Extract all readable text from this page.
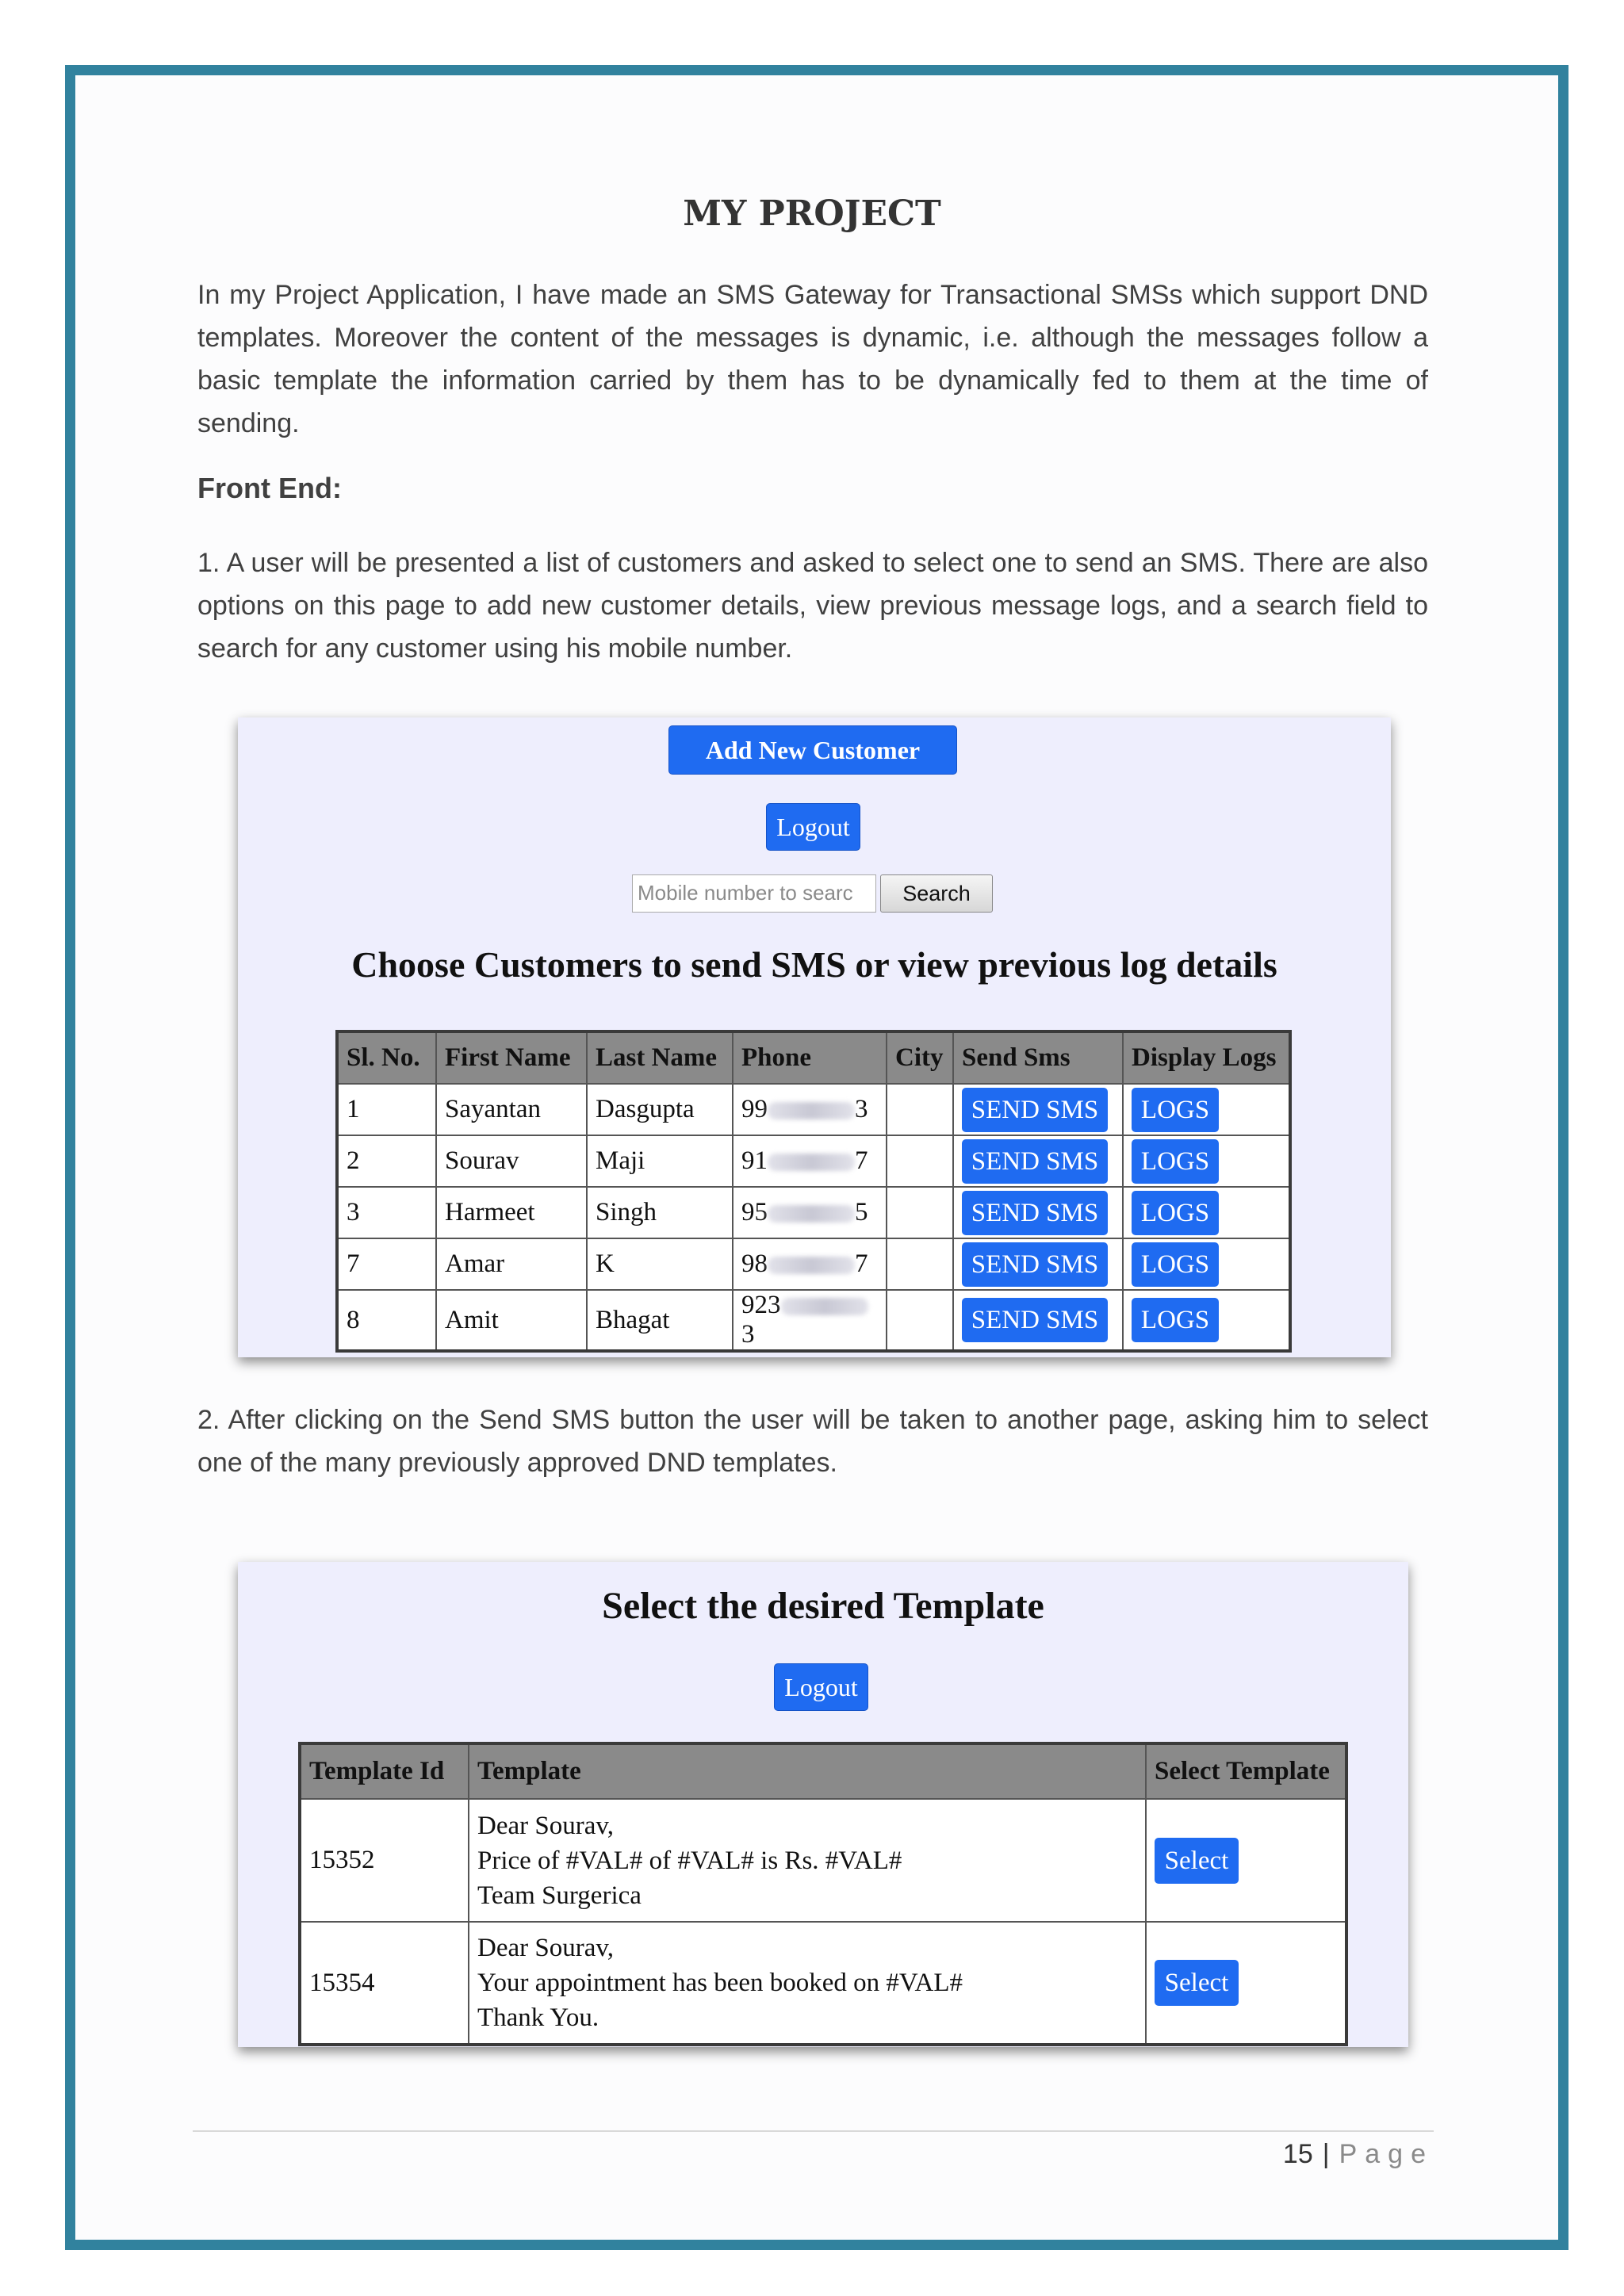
MY PROJECT

In my Project Application, I have made an SMS Gateway for Transactional SMSs which support DND templates. Moreover the content of the messages is dynamic, i.e. although the messages follow a basic template the information carried by them has to be dynamically fed to them at the time of sending.

Front End:

1. A user will be presented a list of customers and asked to select one to send an SMS. There are also options on this page to add new customer details, view previous message logs, and a search field to search for any customer using his mobile number.

Add New Customer
Logout
Mobile number to searc	Search
Choose Customers to send SMS or view previous log details
Sl. No.	First Name	Last Name	Phone	City	Send Sms	Display Logs
1	Sayantan	Dasgupta	99 3		SEND SMS	LOGS
2	Sourav	Maji	91 7		SEND SMS	LOGS
3	Harmeet	Singh	95 5		SEND SMS	LOGS
7	Amar	K	98 7		SEND SMS	LOGS
8	Amit	Bhagat	9233		SEND SMS	LOGS

2. After clicking on the Send SMS button the user will be taken to another page, asking him to select one of the many previously approved DND templates.

Select the desired Template
Logout
Template Id	Template	Select Template
15352	Dear Sourav,
Price of #VAL# of #VAL# is Rs. #VAL#
Team Surgerica	Select
15354	Dear Sourav,
Your appointment has been booked on #VAL#
Thank You.	Select
15 | Page
